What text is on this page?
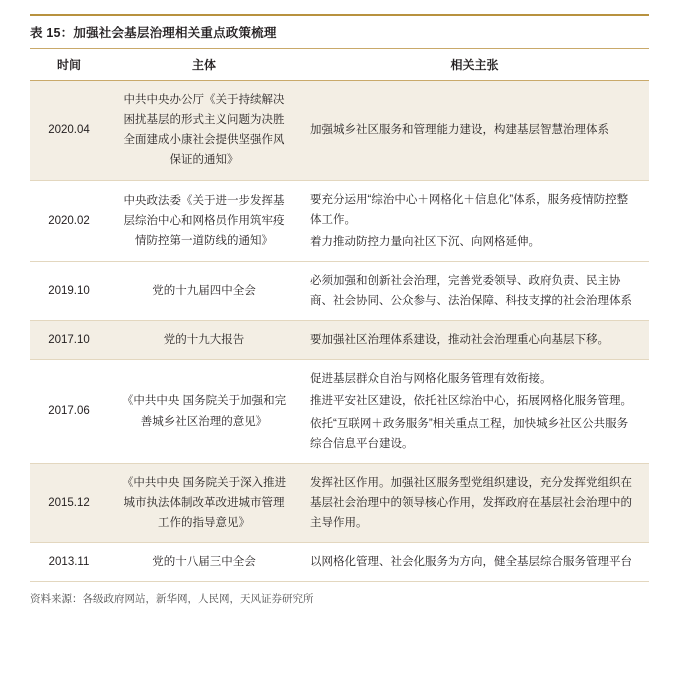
表 15：加强社会基层治理相关重点政策梳理
时间	主体	相关主张
2020.04	中共中央办公厅《关于持续解决困扰基层的形式主义问题为决胜全面建成小康社会提供坚强作风保证的通知》	加强城乡社区服务和管理能力建设，构建基层智慧治理体系

2020.02	中央政法委《关于进一步发挥基层综治中心和网格员作用筑牢疫情防控第一道防线的通知》	要充分运用“综治中心＋网格化＋信息化”体系，服务疫情防控整体工作。

着力推动防控力量向社区下沉、向网格延伸。

2019.10	党的十九届四中全会	必须加强和创新社会治理，完善党委领导、政府负责、民主协商、社会协同、公众参与、法治保障、科技支撑的社会治理体系

2017.10	党的十九大报告	要加强社区治理体系建设，推动社会治理重心向基层下移。

2017.06	《中共中央 国务院关于加强和完善城乡社区治理的意见》	促进基层群众自治与网格化服务管理有效衔接。

推进平安社区建设，依托社区综治中心，拓展网格化服务管理。

依托“互联网＋政务服务”相关重点工程，加快城乡社区公共服务综合信息平台建设。

2015.12	《中共中央 国务院关于深入推进城市执法体制改革改进城市管理工作的指导意见》	发挥社区作用。加强社区服务型党组织建设，充分发挥党组织在基层社会治理中的领导核心作用，发挥政府在基层社会治理中的主导作用。

2013.11	党的十八届三中全会	以网格化管理、社会化服务为方向，健全基层综合服务管理平台

资料来源：各级政府网站，新华网，人民网，天风证券研究所
